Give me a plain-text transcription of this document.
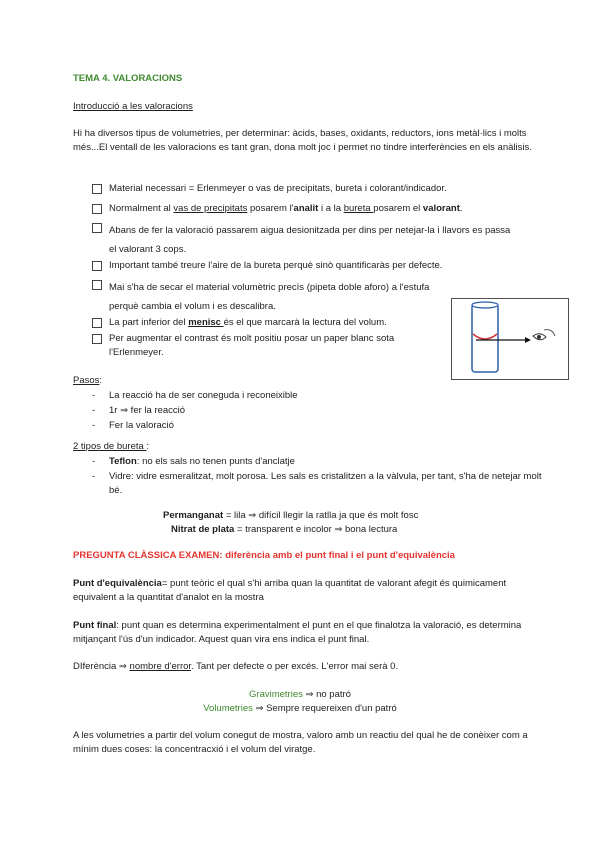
TEMA 4. VALORACIONS
Introducció a les valoracions
Hi ha diversos tipus de volumetries, per determinar: àcids, bases, oxidants, reductors, ions metàl·lics i molts més...El ventall de les valoracions es tant gran, dona molt joc i permet no tindre interferències en els anàlisis.
Material necessari = Erlenmeyer o vas de precipitats, bureta i colorant/indicador.
Normalment al vas de precipitats posarem l'analit i a la bureta posarem el valorant.
Abans de fer la valoració passarem aigua desionitzada per dins per netejar-la i llavors es passa el valorant 3 cops.
Important també treure l'aire de la bureta perquè sinò quantificaràs per defecte.
Mai s'ha de secar el material volumètric precís (pipeta doble aforo) a l'estufa perquè cambia el volum i es descalibra.
La part inferior del menisc és el que marcarà la lectura del volum.
Per augmentar el contrast és molt positiu posar un paper blanc sota l'Erlenmeyer.
Pasos:
- La reacció ha de ser coneguda i reconeixible
- 1r ⇒ fer la reacció
- Fer la valoració
2 tipos de bureta :
- Teflon: no els sals no tenen punts d'anclatje
- Vidre: vidre esmeralitzat, molt porosa. Les sals es cristalitzen a la vàlvula, per tant, s'ha de netejar molt bé.
Permanganat = lila ⇒ difícil llegir la ratlla ja que és molt fosc
Nitrat de plata = transparent e incolor ⇒ bona lectura
PREGUNTA CLÀSSICA EXAMEN: diferència amb el punt final i el punt d'equivalència
Punt d'equivalència= punt teòric el qual s'hi arriba quan la quantitat de valorant afegit és quimicament equivalent a la quantitat d'analot en la mostra
Punt final: punt quan es determina experimentalment el punt en el que finalotza la valoració, es determina mitjançant l'ús d'un indicador. Aquest quan vira ens indica el punt final.
DIferència ⇒ nombre d'error. Tant per defecte o per excés. L'error mai serà 0.
Gravimetries ⇒ no patró
Volumetries ⇒ Sempre requereixen d'un patró
A les volumetries a partir del volum conegut de mostra, valoro amb un reactiu del qual he de conèixer com a mínim dues coses: la concentracxió i el volum del viratge.
